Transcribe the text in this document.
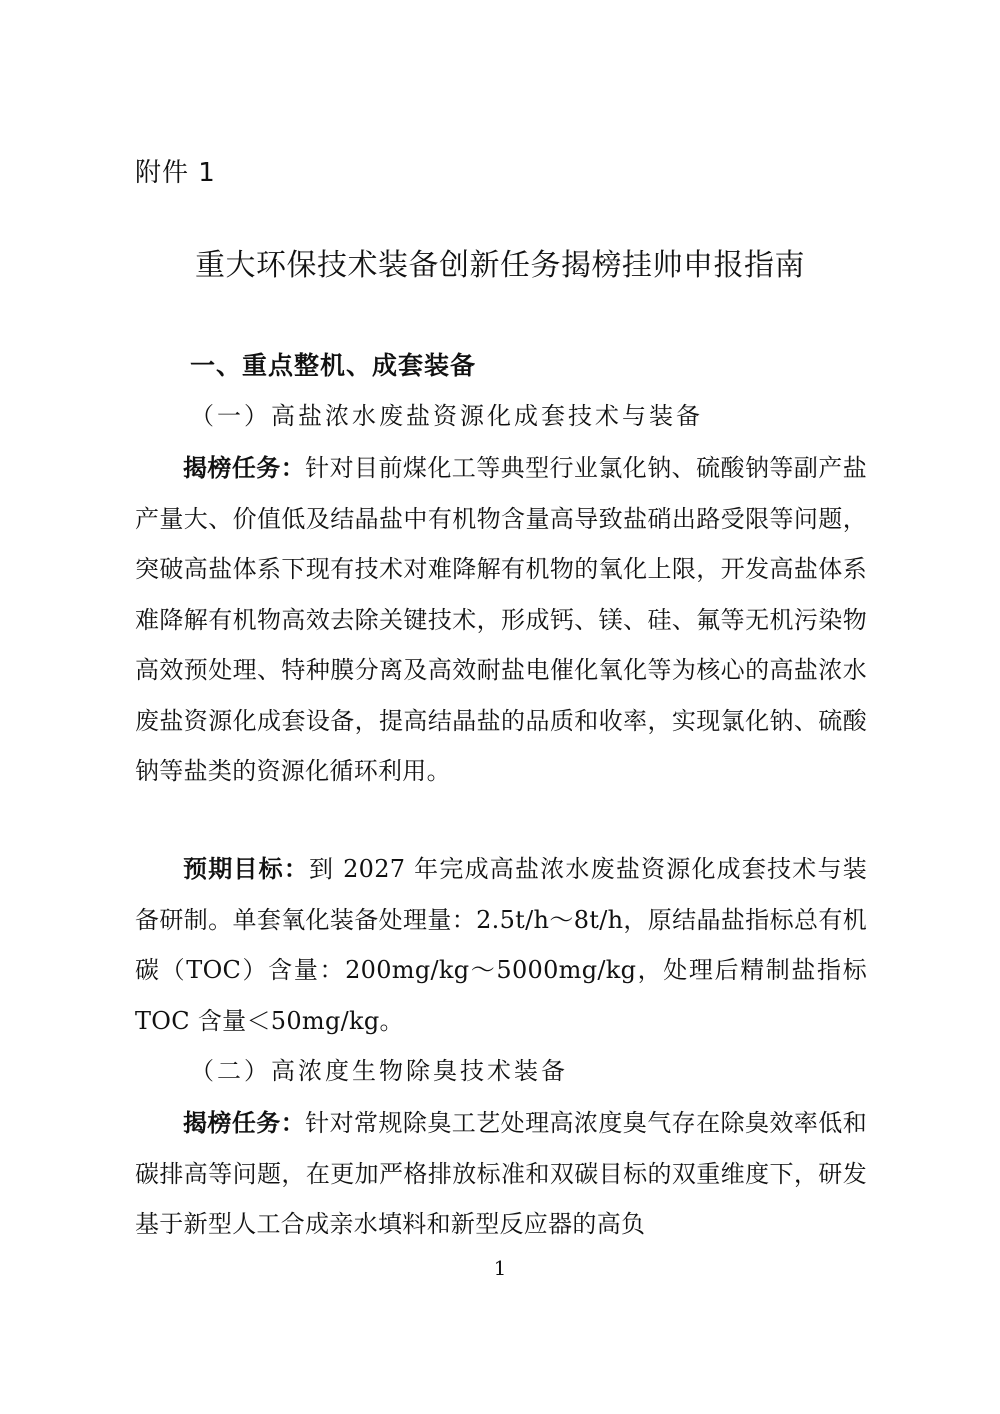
附件 1
重大环保技术装备创新任务揭榜挂帅申报指南
一、重点整机、成套装备
（一）高盐浓水废盐资源化成套技术与装备

揭榜任务：针对目前煤化工等典型行业氯化钠、硫酸钠等副产盐产量大、价值低及结晶盐中有机物含量高导致盐硝出路受限等问题，突破高盐体系下现有技术对难降解有机物的氧化上限，开发高盐体系难降解有机物高效去除关键技术，形成钙、镁、硅、氟等无机污染物高效预处理、特种膜分离及高效耐盐电催化氧化等为核心的高盐浓水废盐资源化成套设备，提高结晶盐的品质和收率，实现氯化钠、硫酸钠等盐类的资源化循环利用。

预期目标：到 2027 年完成高盐浓水废盐资源化成套技术与装备研制。单套氧化装备处理量：2.5t/h～8t/h，原结晶盐指标总有机碳（TOC）含量：200mg/kg～5000mg/kg，处理后精制盐指标 TOC 含量＜50mg/kg。

（二）高浓度生物除臭技术装备

揭榜任务：针对常规除臭工艺处理高浓度臭气存在除臭效率低和碳排高等问题，在更加严格排放标准和双碳目标的双重维度下，研发基于新型人工合成亲水填料和新型反应器的高负

1
